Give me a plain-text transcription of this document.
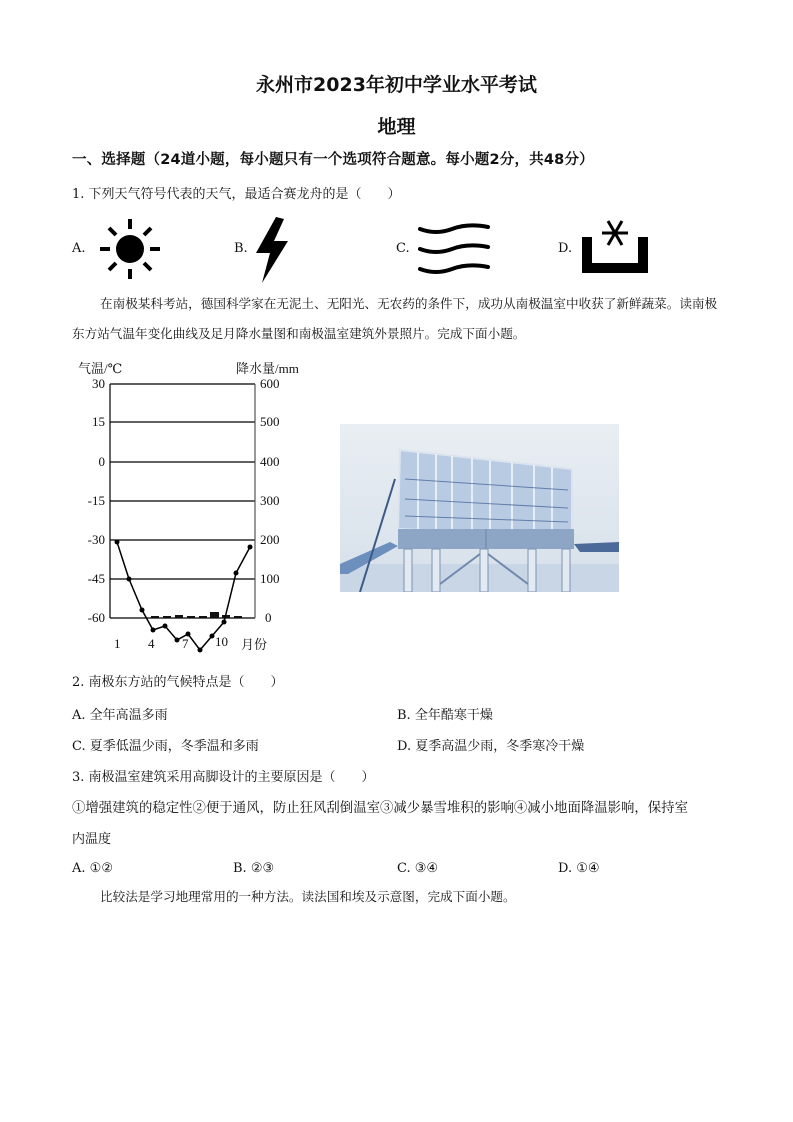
永州市2023年初中学业水平考试
地理
一、选择题（24道小题，每小题只有一个选项符合题意。每小题2分，共48分）
1. 下列天气符号代表的天气，最适合赛龙舟的是（　　）
A.	B.	C.	D.
在南极某科考站，德国科学家在无泥土、无阳光、无农药的条件下，成功从南极温室中收获了新鲜蔬菜。读南极东方站气温年变化曲线及足月降水量图和南极温室建筑外景照片。完成下面小题。
气温/℃	降水量/mm
30
15
0
-15
-30
-45
-60
600
500
400
300
200
100
0
1 4 7 10 月份
2. 南极东方站的气候特点是（　　）
A. 全年高温多雨	B. 全年酷寒干燥
C. 夏季低温少雨，冬季温和多雨	D. 夏季高温少雨，冬季寒冷干燥
3. 南极温室建筑采用高脚设计的主要原因是（　　）
①增强建筑的稳定性②便于通风，防止狂风刮倒温室③减少暴雪堆积的影响④减小地面降温影响，保持室
内温度
A. ①②	B. ②③	C. ③④	D. ①④
比较法是学习地理常用的一种方法。读法国和埃及示意图，完成下面小题。
